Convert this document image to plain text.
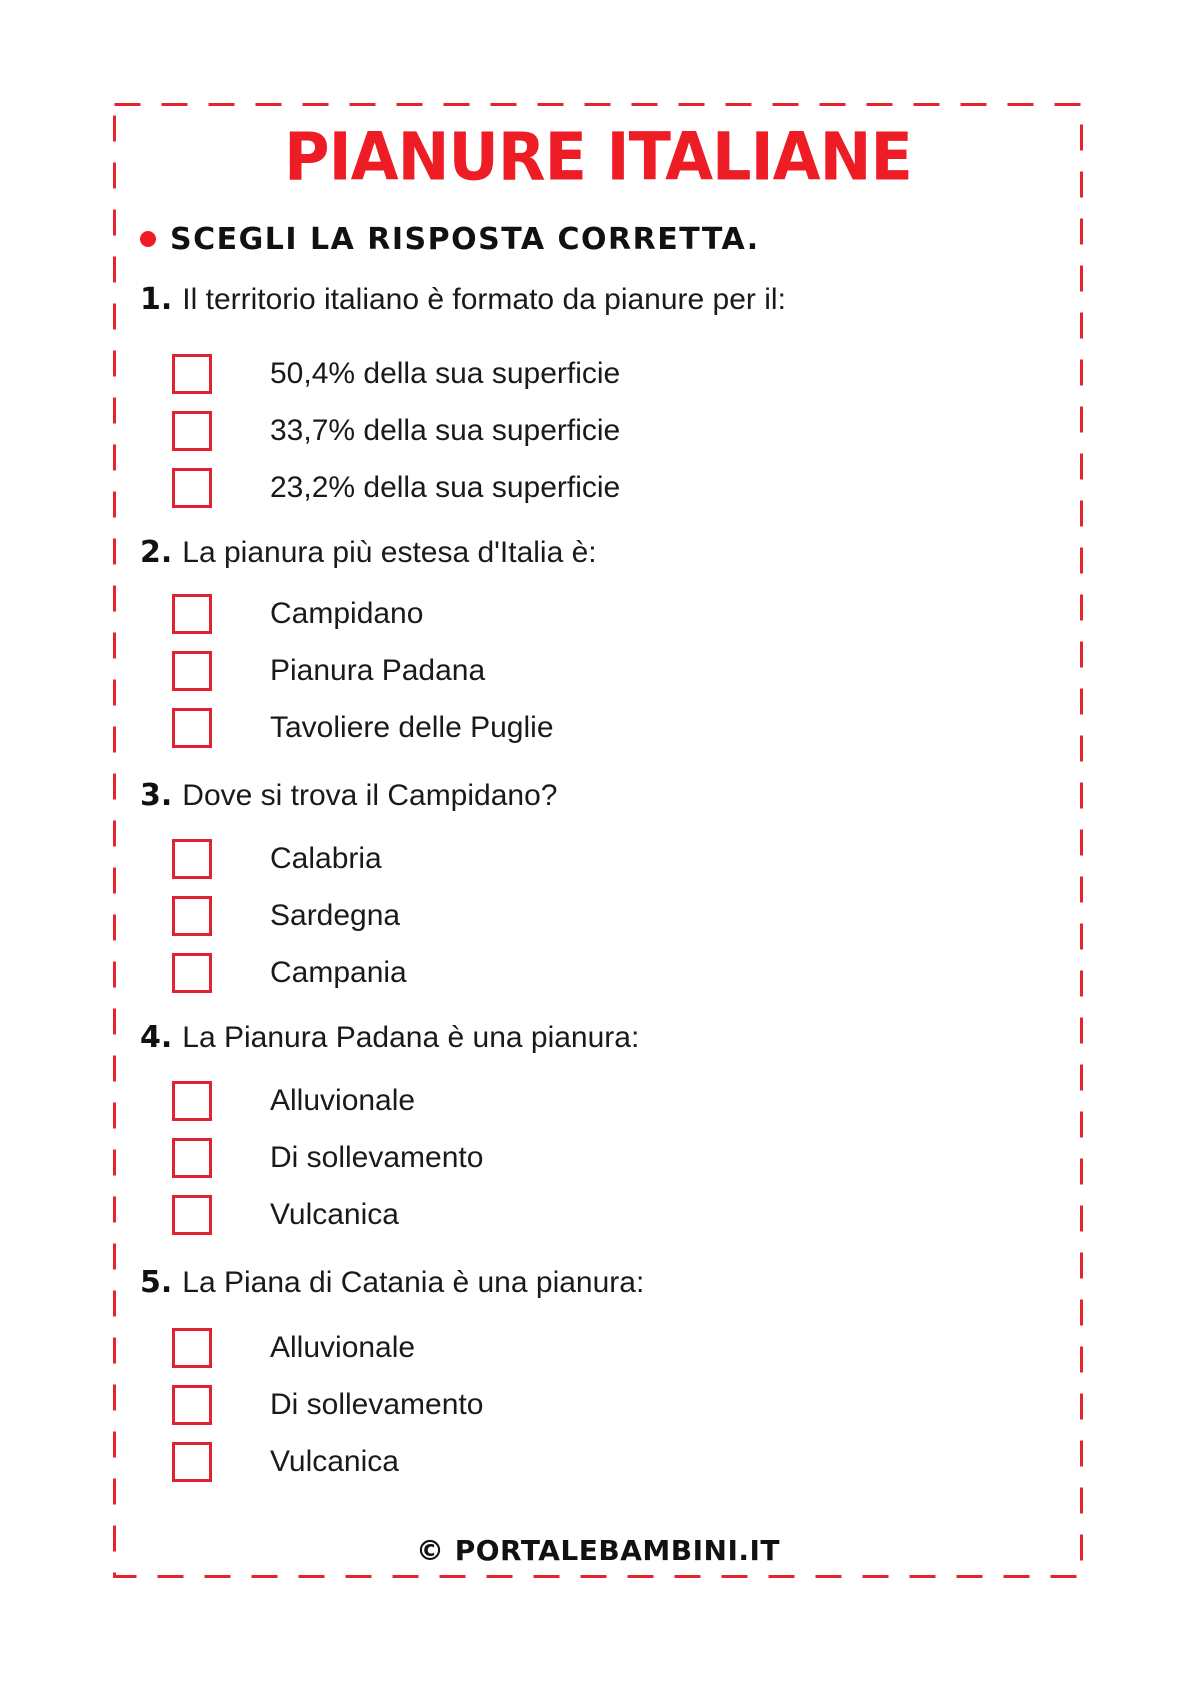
PIANURE ITALIANE
SCEGLI LA RISPOSTA CORRETTA.
1. Il territorio italiano è formato da pianure per il:
50,4% della sua superficie
33,7% della sua superficie
23,2% della sua superficie
2. La pianura più estesa d'Italia è:
Campidano
Pianura Padana
Tavoliere delle Puglie
3. Dove si trova il Campidano?
Calabria
Sardegna
Campania
4. La Pianura Padana è una pianura:
Alluvionale
Di sollevamento
Vulcanica
5. La Piana di Catania è una pianura:
Alluvionale
Di sollevamento
Vulcanica
© PORTALEBAMBINI.IT
